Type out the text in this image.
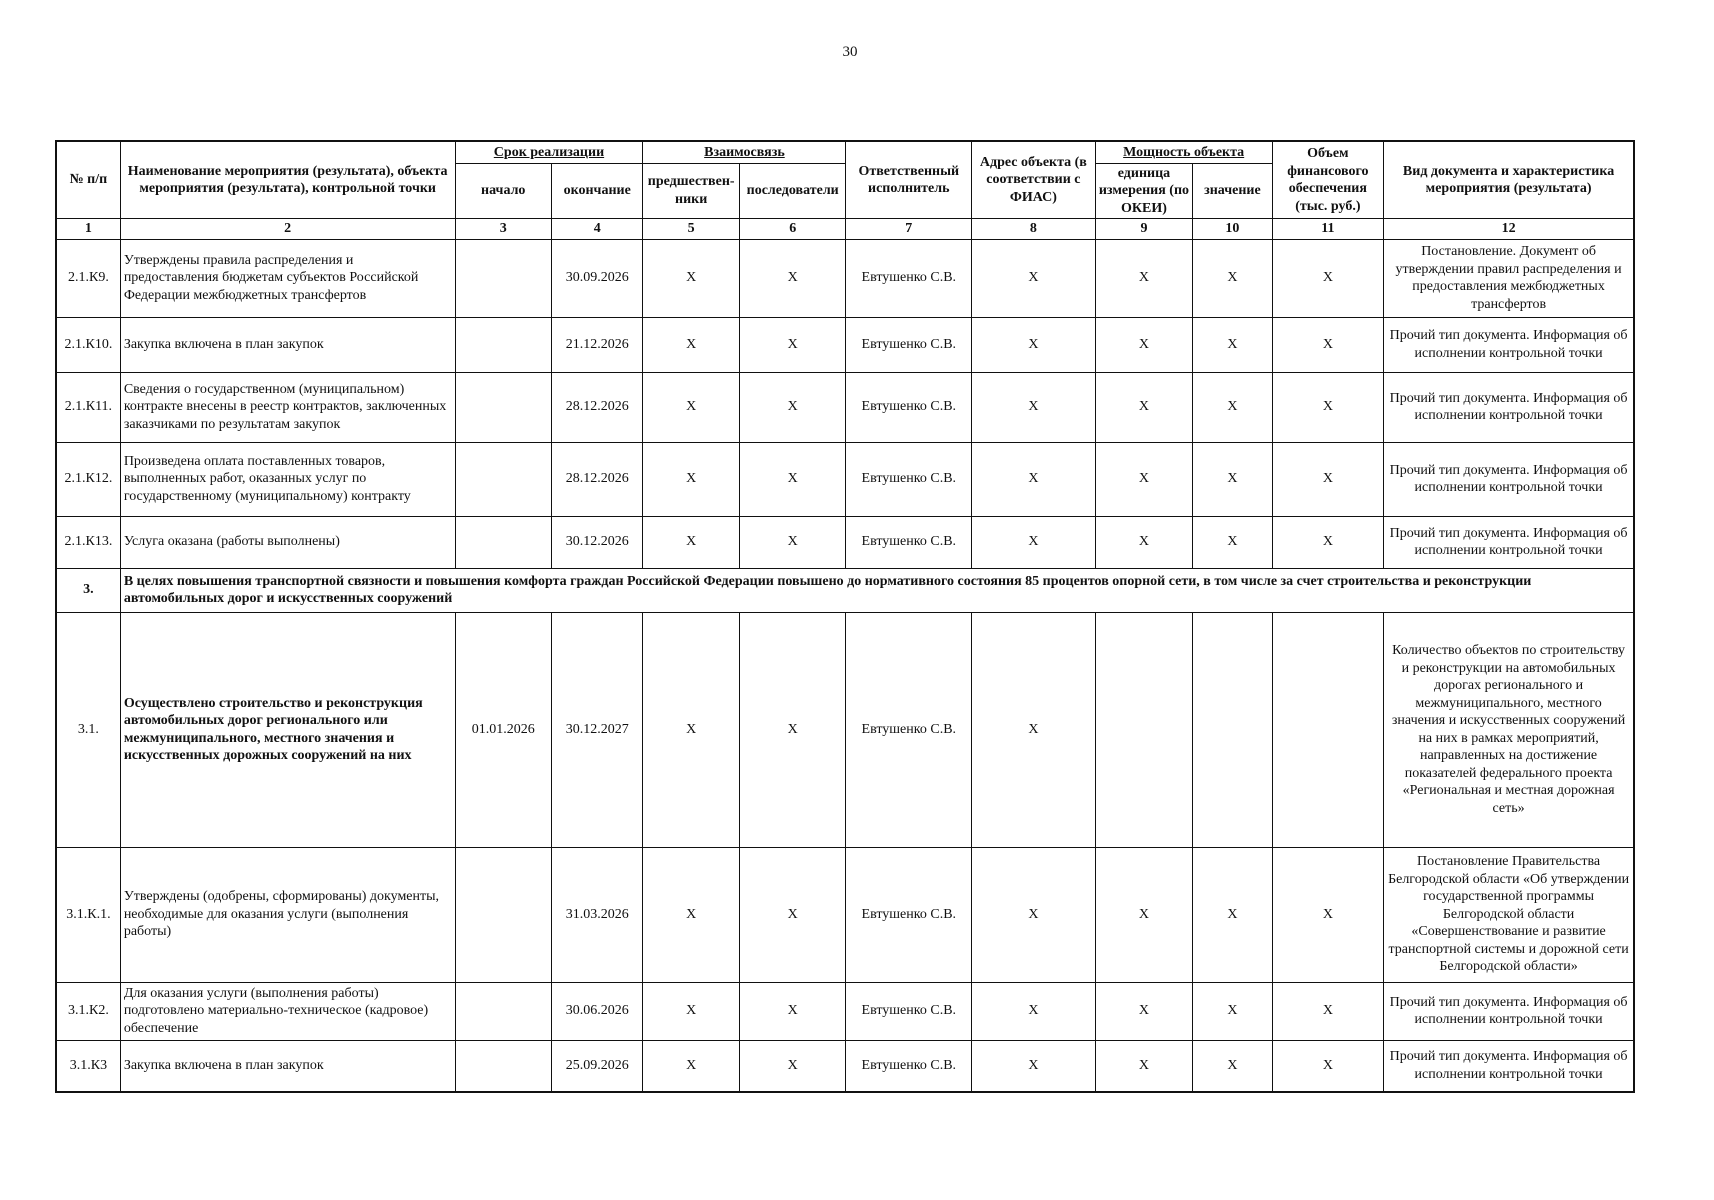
30
№ п/п	Наименование мероприятия (результата), объекта мероприятия (результата), контрольной точки	Срок реализации		Взаимосвязь		Ответственный исполнитель	Адрес объекта (в соответствии с ФИАС)	Мощность объекта		Объем финансового обеспечения (тыс. руб.)	Вид документа и характеристика мероприятия (результата)
		начало	окончание	предшествен- ники	последователи			единица измерения (по ОКЕИ)	значение		
1	2	3	4	5	6	7	8	9	10	11	12
2.1.К9.	Утверждены правила распределения и предоставления бюджетам субъектов Российской Федерации межбюджетных трансфертов		30.09.2026	X	X	Евтушенко С.В.	X	X	X	X	Постановление. Документ об утверждении правил распределения и предоставления межбюджетных трансфертов
2.1.К10.	Закупка включена в план закупок		21.12.2026	X	X	Евтушенко С.В.	X	X	X	X	Прочий тип документа. Информация об исполнении контрольной точки
2.1.К11.	Сведения о государственном (муниципальном) контракте внесены в реестр контрактов, заключенных заказчиками по результатам закупок		28.12.2026	X	X	Евтушенко С.В.	X	X	X	X	Прочий тип документа. Информация об исполнении контрольной точки
2.1.К12.	Произведена оплата поставленных товаров, выполненных работ, оказанных услуг по государственному (муниципальному) контракту		28.12.2026	X	X	Евтушенко С.В.	X	X	X	X	Прочий тип документа. Информация об исполнении контрольной точки
2.1.К13.	Услуга оказана (работы выполнены)		30.12.2026	X	X	Евтушенко С.В.	X	X	X	X	Прочий тип документа. Информация об исполнении контрольной точки
3.	В целях повышения транспортной связности и повышения комфорта граждан Российской Федерации повышено до нормативного состояния 85 процентов опорной сети, в том числе за счет строительства и реконструкции автомобильных дорог и искусственных сооружений										
3.1.	Осуществлено строительство и реконструкция автомобильных дорог регионального или межмуниципального, местного значения и искусственных дорожных сооружений на них	01.01.2026	30.12.2027	X	X	Евтушенко С.В.	X				Количество объектов по строительству и реконструкции на автомобильных дорогах регионального и межмуниципального, местного значения и искусственных сооружений на них в рамках мероприятий, направленных на достижение показателей федерального проекта «Региональная и местная дорожная сеть»
3.1.К.1.	Утверждены (одобрены, сформированы) документы, необходимые для оказания услуги (выполнения работы)		31.03.2026	X	X	Евтушенко С.В.	X	X	X	X	Постановление Правительства Белгородской области «Об утверждении государственной программы Белгородской области «Совершенствование и развитие транспортной системы и дорожной сети Белгородской области»
3.1.К2.	Для оказания услуги (выполнения работы) подготовлено материально-техническое (кадровое) обеспечение		30.06.2026	X	X	Евтушенко С.В.	X	X	X	X	Прочий тип документа. Информация об исполнении контрольной точки
3.1.К3	Закупка включена в план закупок		25.09.2026	X	X	Евтушенко С.В.	X	X	X	X	Прочий тип документа. Информация об исполнении контрольной точки
